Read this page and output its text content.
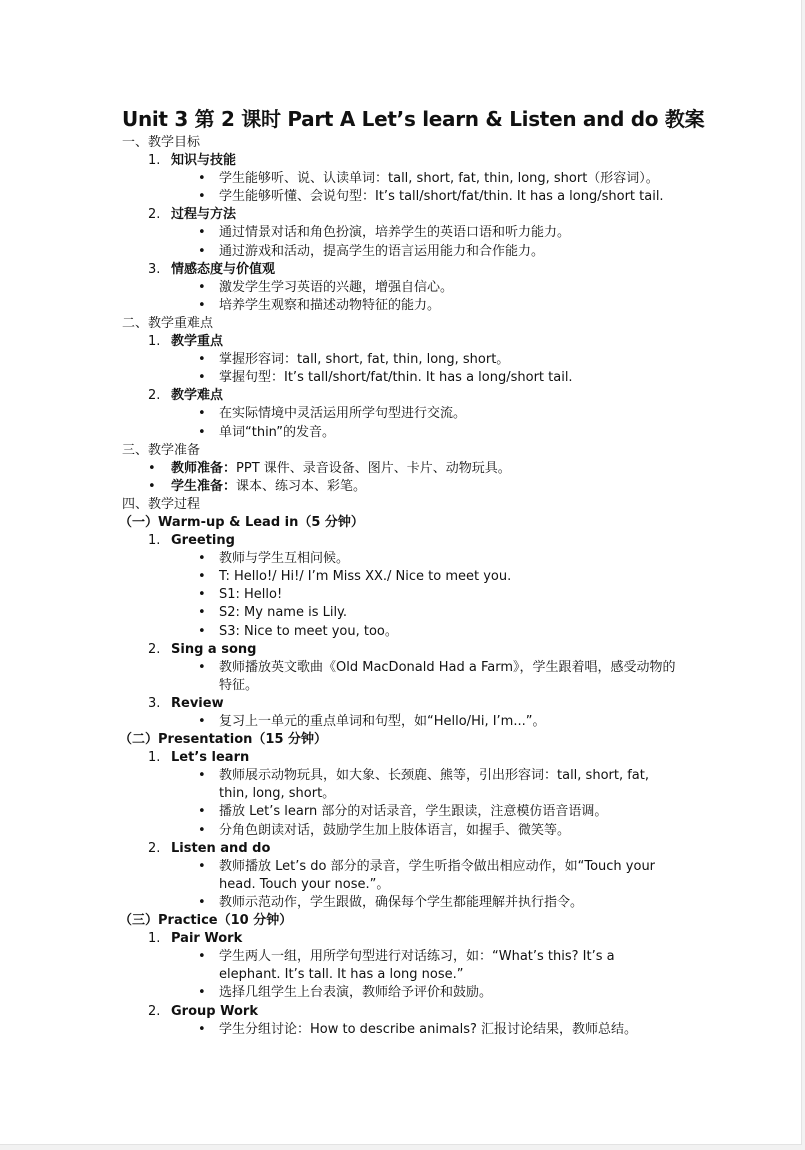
Unit 3 第 2 课时 Part A Let’s learn & Listen and do 教案
一、教学目标
1. 知识与技能
• 学生能够听、说、认读单词：tall, short, fat, thin, long, short（形容词）。
• 学生能够听懂、会说句型：It’s tall/short/fat/thin. It has a long/short tail.
2. 过程与方法
• 通过情景对话和角色扮演，培养学生的英语口语和听力能力。
• 通过游戏和活动，提高学生的语言运用能力和合作能力。
3. 情感态度与价值观
• 激发学生学习英语的兴趣，增强自信心。
• 培养学生观察和描述动物特征的能力。
二、教学重难点
1. 教学重点
• 掌握形容词：tall, short, fat, thin, long, short。
• 掌握句型：It’s tall/short/fat/thin. It has a long/short tail.
2. 教学难点
• 在实际情境中灵活运用所学句型进行交流。
• 单词“thin”的发音。
三、教学准备
• 教师准备：PPT 课件、录音设备、图片、卡片、动物玩具。
• 学生准备：课本、练习本、彩笔。
四、教学过程
（一）Warm-up & Lead in（5 分钟）
1. Greeting
• 教师与学生互相问候。
• T: Hello!/ Hi!/ I’m Miss XX./ Nice to meet you.
• S1: Hello!
• S2: My name is Lily.
• S3: Nice to meet you, too。
2. Sing a song
• 教师播放英文歌曲《Old MacDonald Had a Farm》，学生跟着唱，感受动物的特征。
3. Review
• 复习上一单元的重点单词和句型，如“Hello/Hi, I’m...”。
（二）Presentation（15 分钟）
1. Let’s learn
• 教师展示动物玩具，如大象、长颈鹿、熊等，引出形容词：tall, short, fat, thin, long, short。
• 播放 Let’s learn 部分的对话录音，学生跟读，注意模仿语音语调。
• 分角色朗读对话，鼓励学生加上肢体语言，如握手、微笑等。
2. Listen and do
• 教师播放 Let’s do 部分的录音，学生听指令做出相应动作，如“Touch your head. Touch your nose.”。
• 教师示范动作，学生跟做，确保每个学生都能理解并执行指令。
（三）Practice（10 分钟）
1. Pair Work
• 学生两人一组，用所学句型进行对话练习，如：“What’s this? It’s a elephant. It’s tall. It has a long nose.”
• 选择几组学生上台表演，教师给予评价和鼓励。
2. Group Work
• 学生分组讨论：How to describe animals? 汇报讨论结果，教师总结。
